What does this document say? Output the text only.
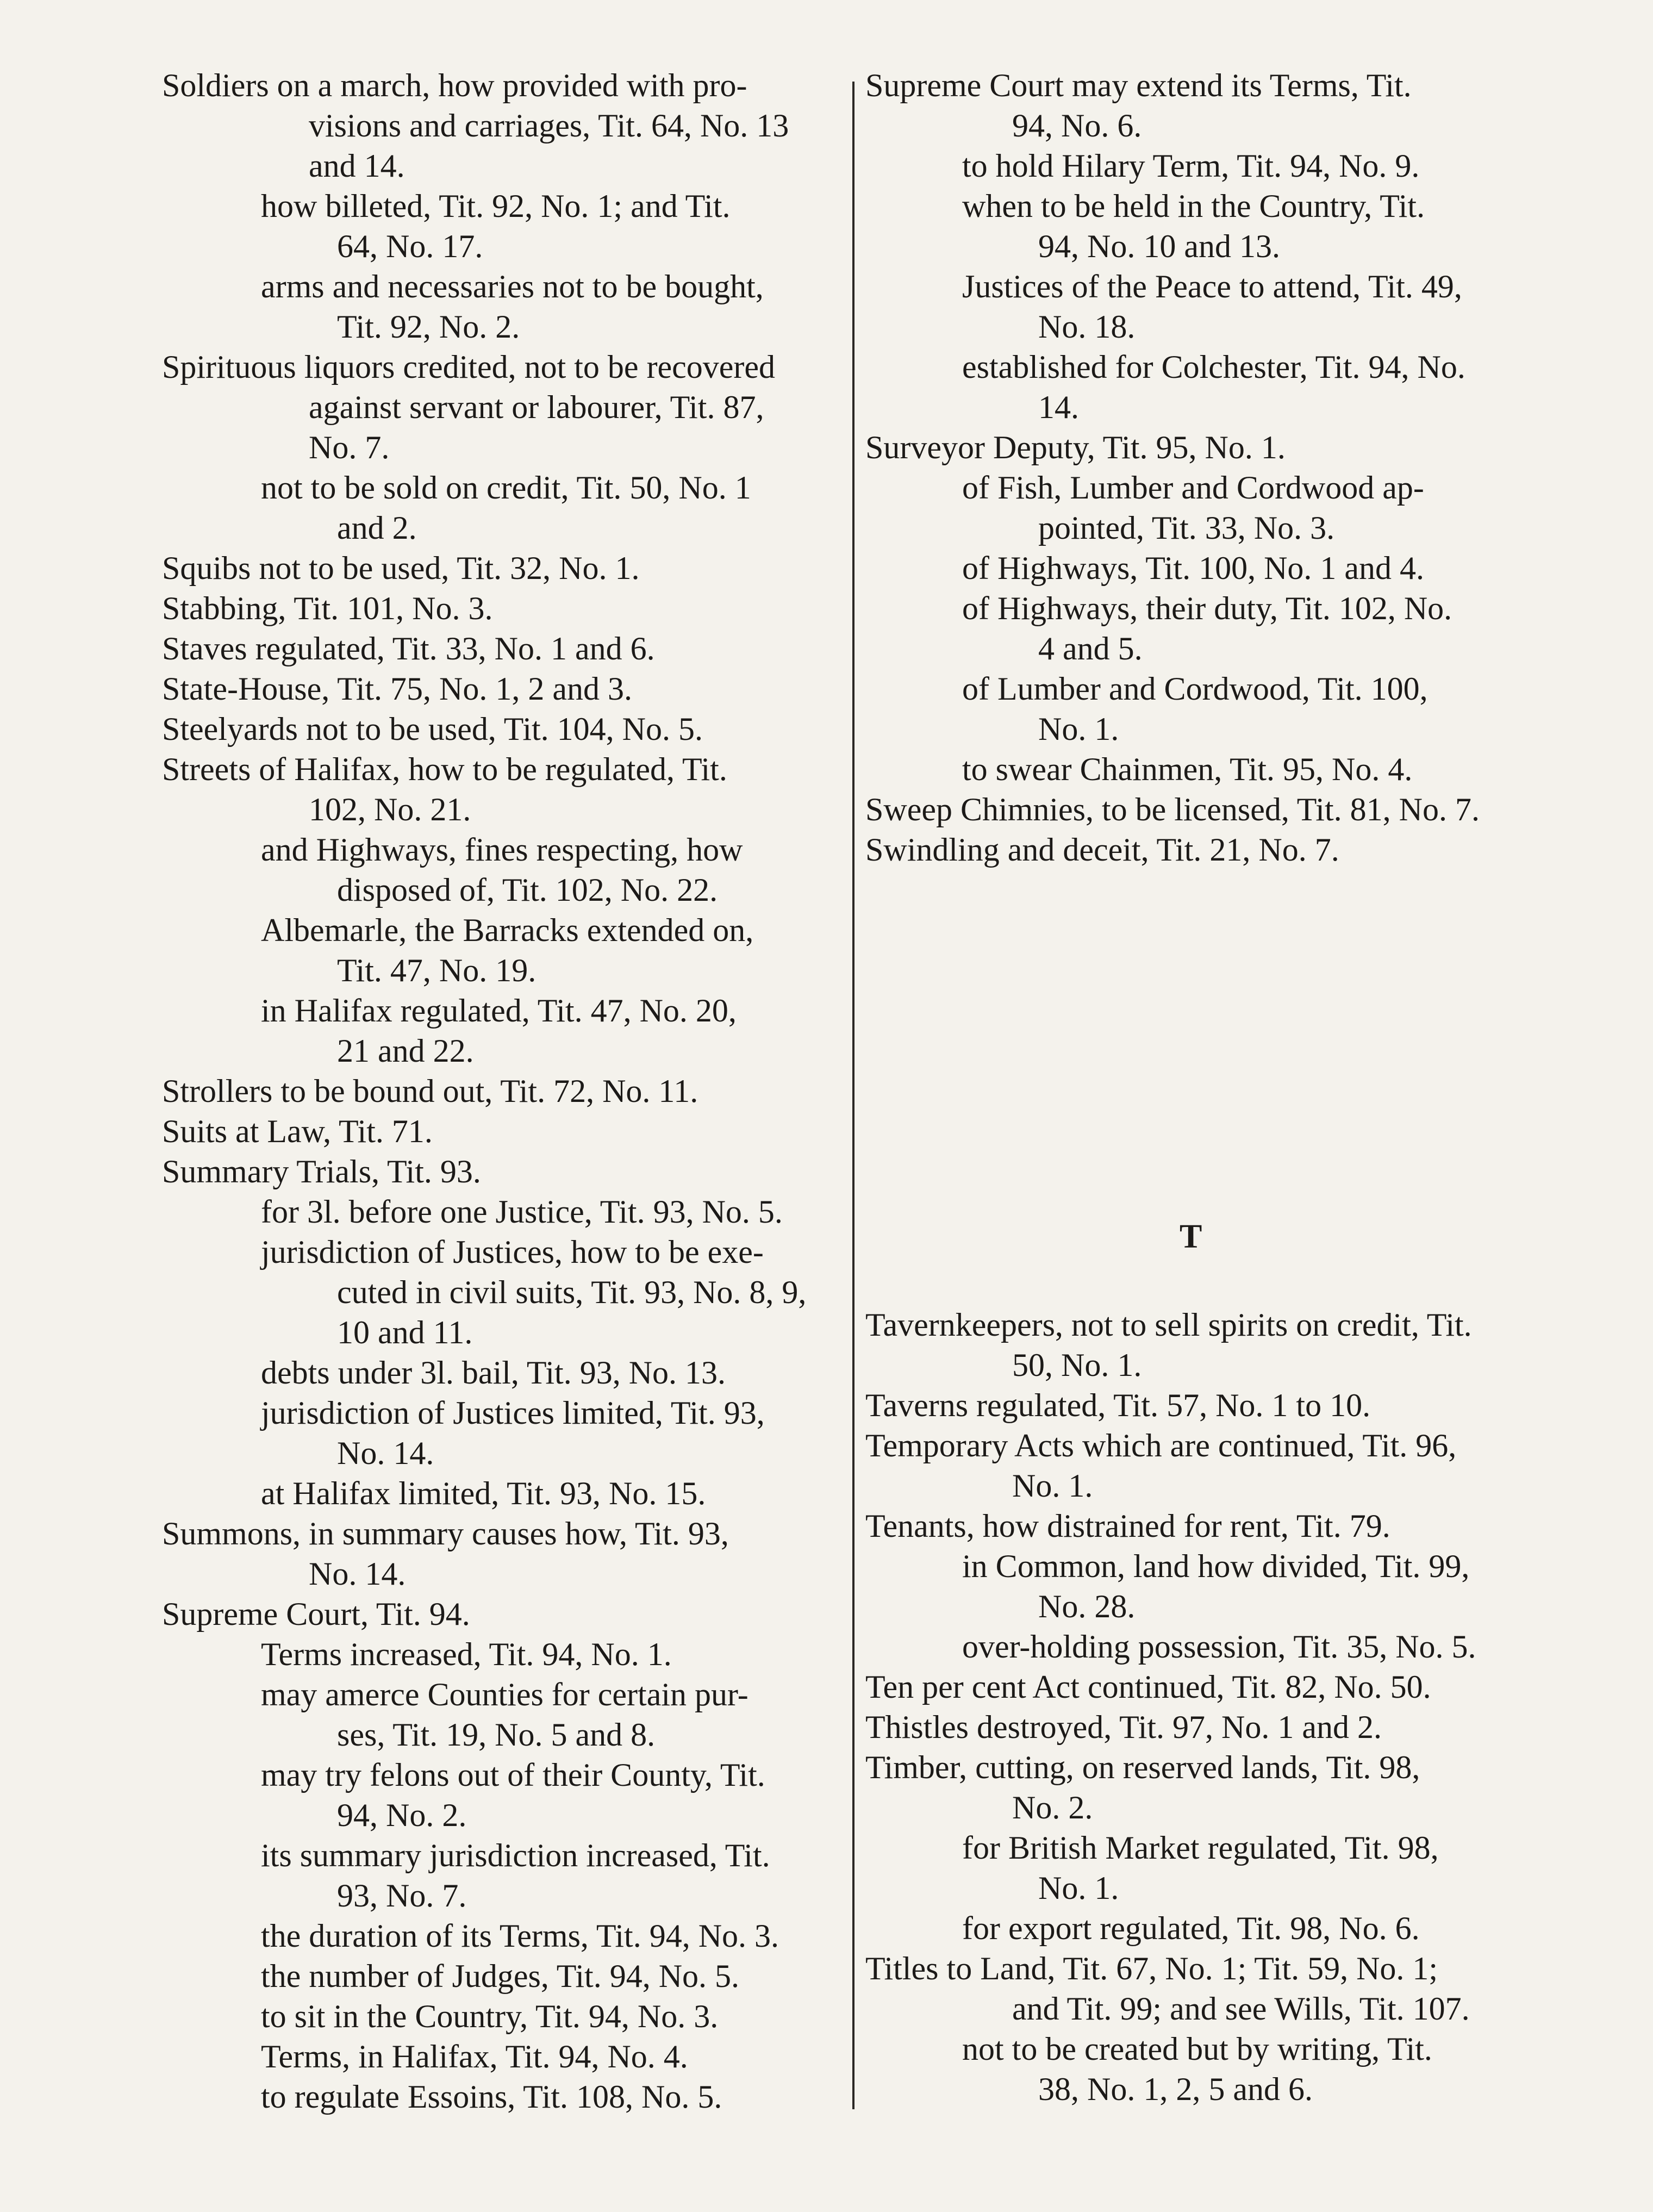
Soldiers on a march, how provided with pro-
visions and carriages, Tit. 64, No. 13
and 14.
how billeted, Tit. 92, No. 1; and Tit.
64, No. 17.
arms and necessaries not to be bought,
Tit. 92, No. 2.
Spirituous liquors credited, not to be recovered
against servant or labourer, Tit. 87,
No. 7.
not to be sold on credit, Tit. 50, No. 1
and 2.
Squibs not to be used, Tit. 32, No. 1.
Stabbing, Tit. 101, No. 3.
Staves regulated, Tit. 33, No. 1 and 6.
State-House, Tit. 75, No. 1, 2 and 3.
Steelyards not to be used, Tit. 104, No. 5.
Streets of Halifax, how to be regulated, Tit.
102, No. 21.
and Highways, fines respecting, how
disposed of, Tit. 102, No. 22.
Albemarle, the Barracks extended on,
Tit. 47, No. 19.
in Halifax regulated, Tit. 47, No. 20,
21 and 22.
Strollers to be bound out, Tit. 72, No. 11.
Suits at Law, Tit. 71.
Summary Trials, Tit. 93.
for 3l. before one Justice, Tit. 93, No. 5.
jurisdiction of Justices, how to be exe-
cuted in civil suits, Tit. 93, No. 8, 9,
10 and 11.
debts under 3l. bail, Tit. 93, No. 13.
jurisdiction of Justices limited, Tit. 93,
No. 14.
at Halifax limited, Tit. 93, No. 15.
Summons, in summary causes how, Tit. 93,
No. 14.
Supreme Court, Tit. 94.
Terms increased, Tit. 94, No. 1.
may amerce Counties for certain pur-
ses, Tit. 19, No. 5 and 8.
may try felons out of their County, Tit.
94, No. 2.
its summary jurisdiction increased, Tit.
93, No. 7.
the duration of its Terms, Tit. 94, No. 3.
the number of Judges, Tit. 94, No. 5.
to sit in the Country, Tit. 94, No. 3.
Terms, in Halifax, Tit. 94, No. 4.
to regulate Essoins, Tit. 108, No. 5.
Supreme Court may extend its Terms, Tit.
94, No. 6.
to hold Hilary Term, Tit. 94, No. 9.
when to be held in the Country, Tit.
94, No. 10 and 13.
Justices of the Peace to attend, Tit. 49,
No. 18.
established for Colchester, Tit. 94, No.
14.
Surveyor Deputy, Tit. 95, No. 1.
of Fish, Lumber and Cordwood ap-
pointed, Tit. 33, No. 3.
of Highways, Tit. 100, No. 1 and 4.
of Highways, their duty, Tit. 102, No.
4 and 5.
of Lumber and Cordwood, Tit. 100,
No. 1.
to swear Chainmen, Tit. 95, No. 4.
Sweep Chimnies, to be licensed, Tit. 81, No. 7.
Swindling and deceit, Tit. 21, No. 7.
Tavernkeepers, not to sell spirits on credit, Tit.
50, No. 1.
Taverns regulated, Tit. 57, No. 1 to 10.
Temporary Acts which are continued, Tit. 96,
No. 1.
Tenants, how distrained for rent, Tit. 79.
in Common, land how divided, Tit. 99,
No. 28.
over-holding possession, Tit. 35, No. 5.
Ten per cent Act continued, Tit. 82, No. 50.
Thistles destroyed, Tit. 97, No. 1 and 2.
Timber, cutting, on reserved lands, Tit. 98,
No. 2.
for British Market regulated, Tit. 98,
No. 1.
for export regulated, Tit. 98, No. 6.
Titles to Land, Tit. 67, No. 1; Tit. 59, No. 1;
and Tit. 99; and see Wills, Tit. 107.
not to be created but by writing, Tit.
38, No. 1, 2, 5 and 6.
T
